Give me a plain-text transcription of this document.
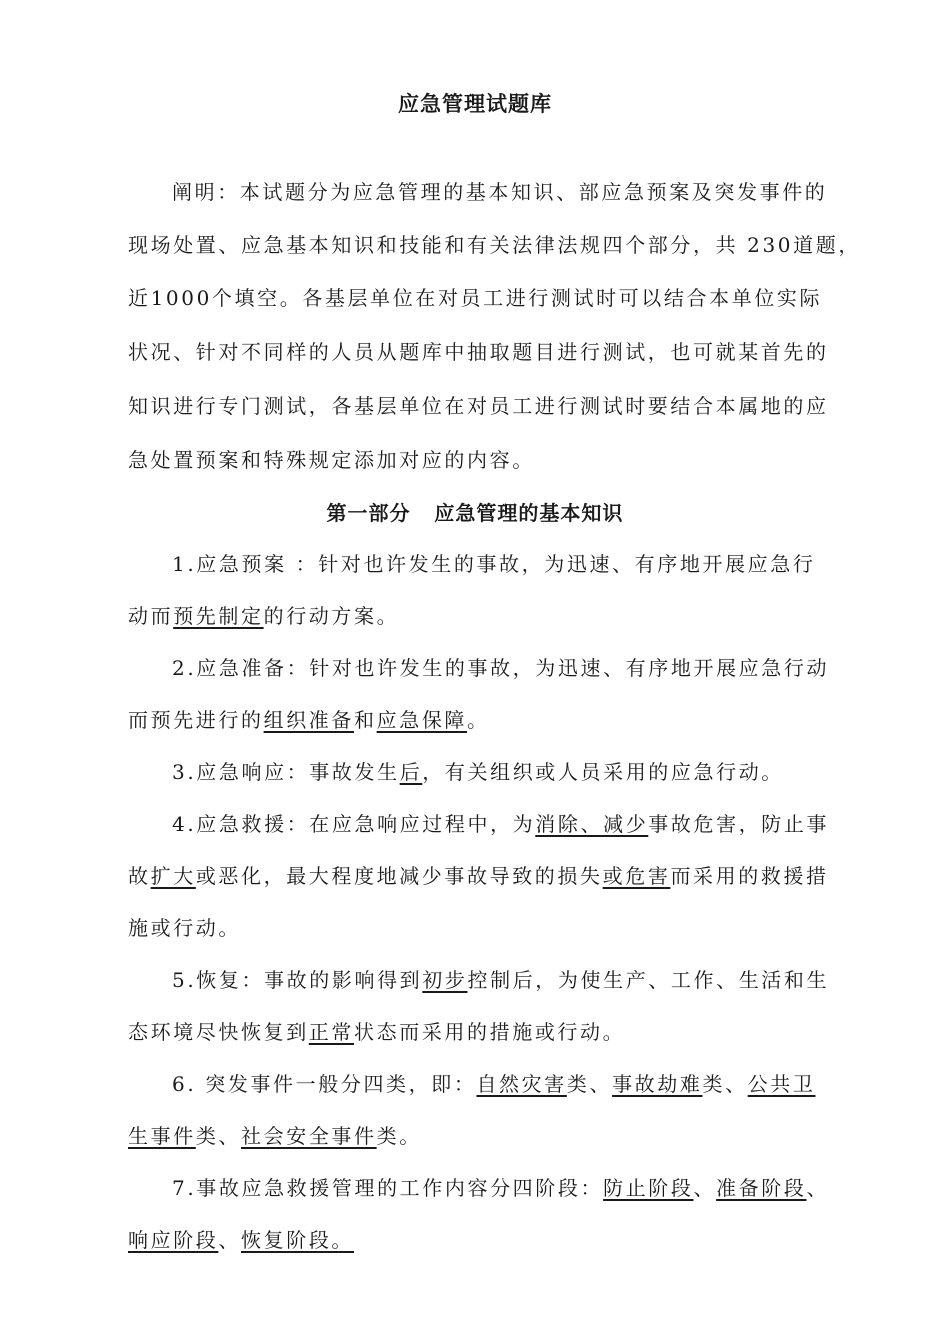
应急管理试题库
阐明：本试题分为应急管理的基本知识、部应急预案及突发事件的
现场处置、应急基本知识和技能和有关法律法规四个部分，共 230道题，
近1000个填空。各基层单位在对员工进行测试时可以结合本单位实际
状况、针对不同样的人员从题库中抽取题目进行测试，也可就某首先的
知识进行专门测试，各基层单位在对员工进行测试时要结合本属地的应
急处置预案和特殊规定添加对应的内容。
第一部分   应急管理的基本知识
1.应急预案 ：针对也许发生的事故，为迅速、有序地开展应急行
动而预先制定的行动方案。
2.应急准备：针对也许发生的事故，为迅速、有序地开展应急行动
而预先进行的组织准备和应急保障。
3.应急响应：事故发生后，有关组织或人员采用的应急行动。
4.应急救援：在应急响应过程中，为消除、减少事故危害，防止事
故扩大或恶化，最大程度地减少事故导致的损失或危害而采用的救援措
施或行动。
5.恢复：事故的影响得到初步控制后，为使生产、工作、生活和生
态环境尽快恢复到正常状态而采用的措施或行动。
6. 突发事件一般分四类，即：自然灾害类、事故劫难类、公共卫
生事件类、社会安全事件类。
7.事故应急救援管理的工作内容分四阶段：防止阶段、准备阶段、
响应阶段、恢复阶段。
